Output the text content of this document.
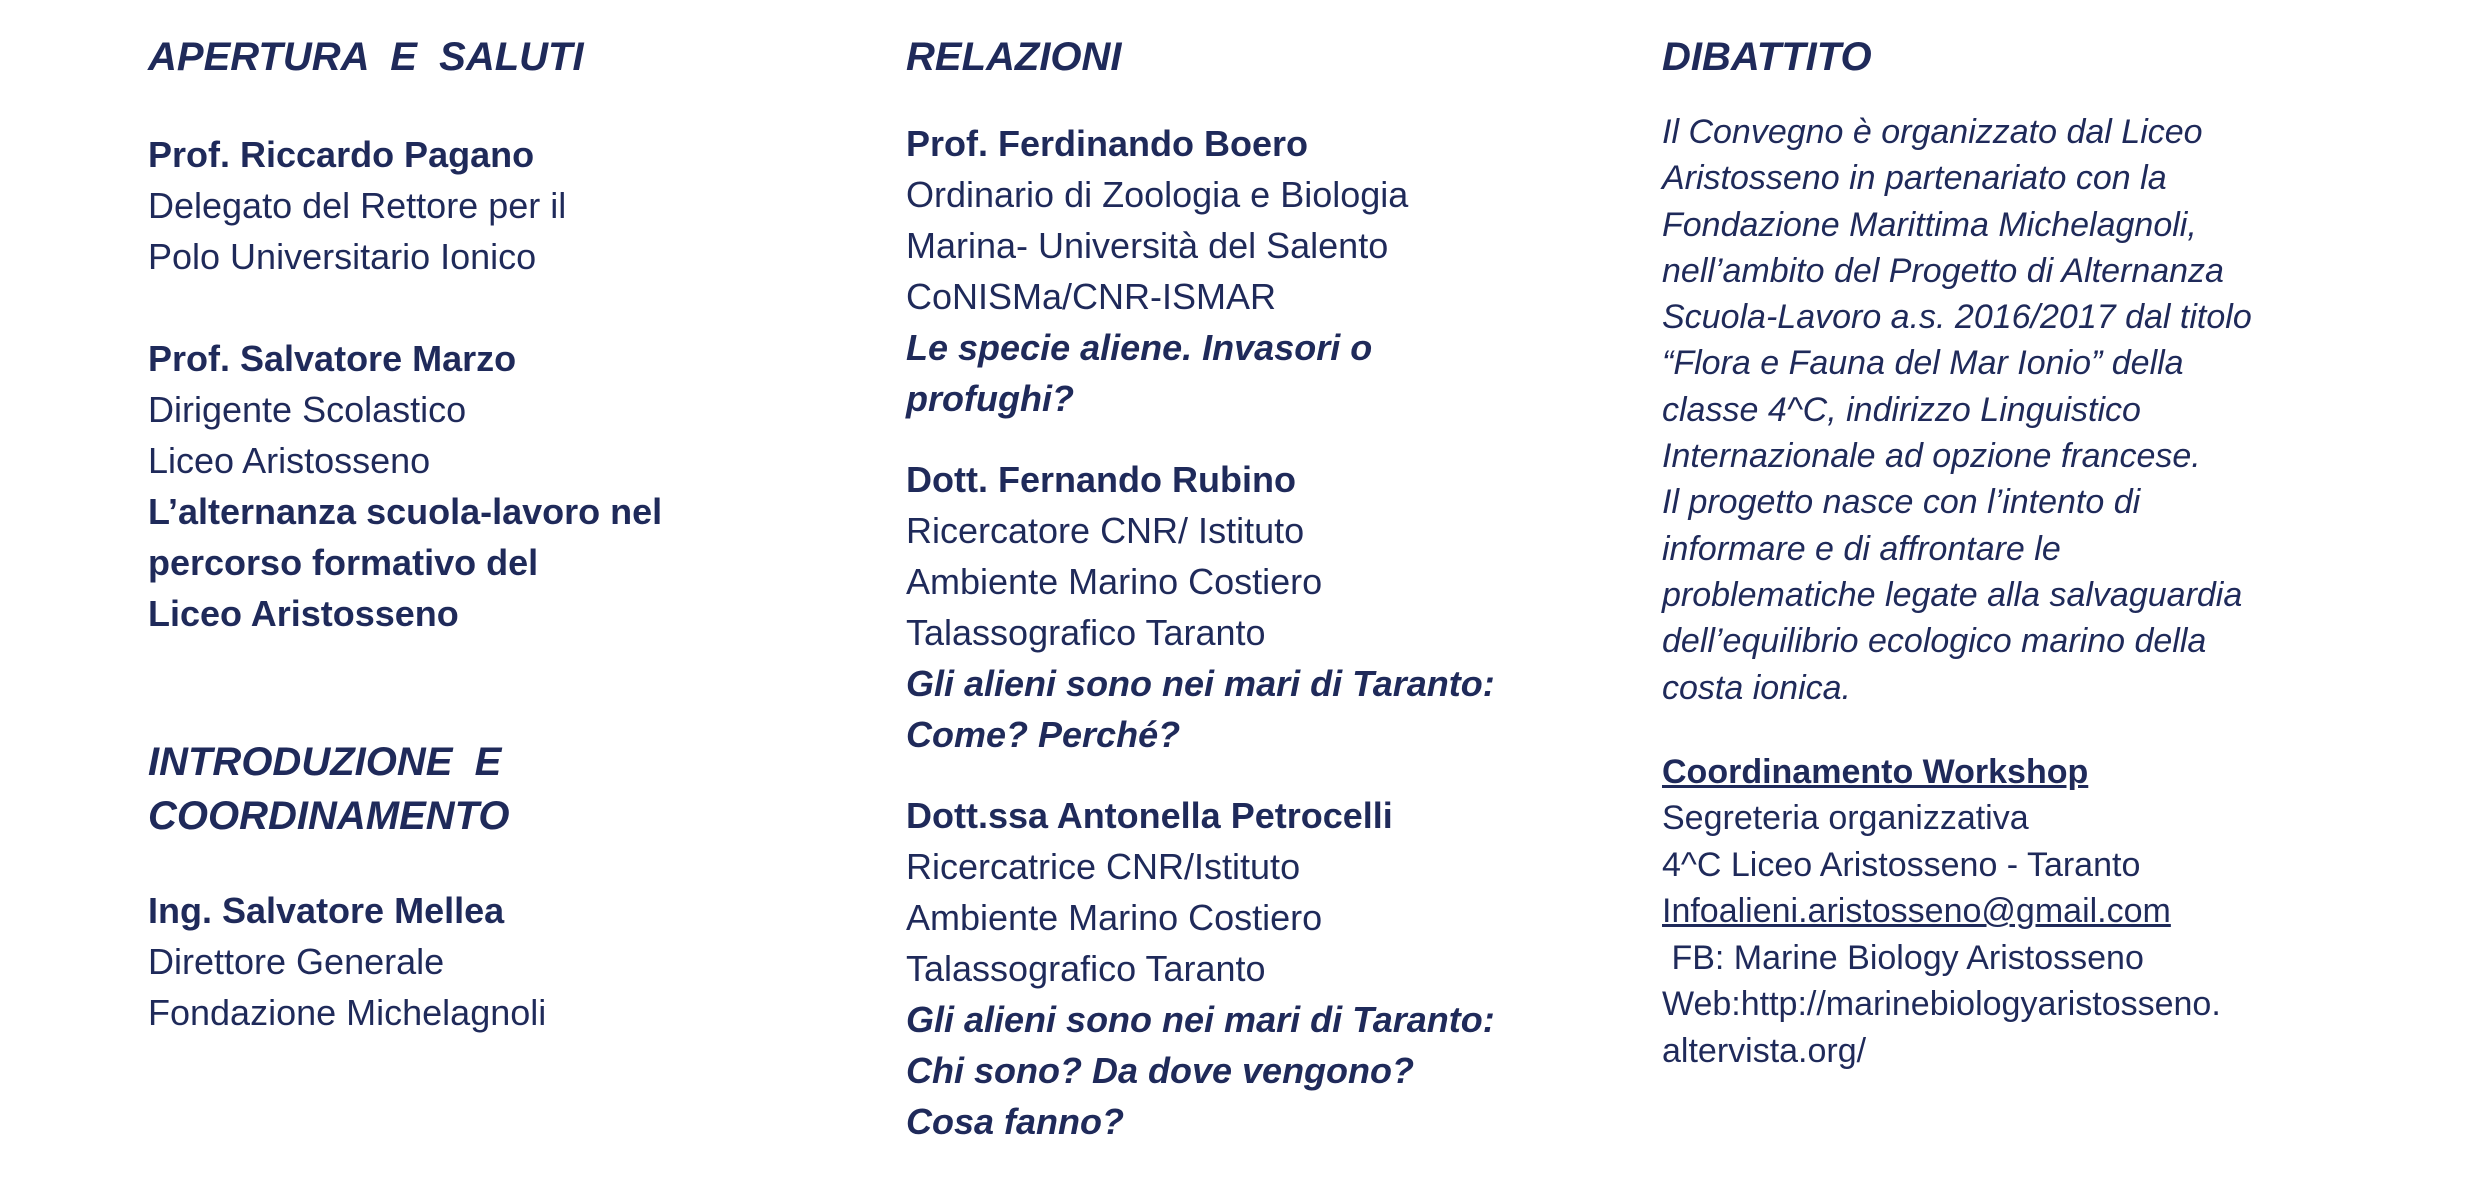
APERTURA  E  SALUTI

Prof. Riccardo Pagano

Delegato del Rettore per il

Polo Universitario Ionico

Prof. Salvatore Marzo

Dirigente Scolastico

Liceo Aristosseno

L’alternanza scuola-lavoro nel

percorso formativo del

Liceo Aristosseno

INTRODUZIONE  E

COORDINAMENTO

Ing. Salvatore Mellea

Direttore Generale

Fondazione Michelagnoli

RELAZIONI

Prof. Ferdinando Boero

Ordinario di Zoologia e Biologia

Marina- Università del Salento

CoNISMa/CNR-ISMAR

Le specie aliene. Invasori o

profughi?

Dott. Fernando Rubino

Ricercatore CNR/ Istituto

Ambiente Marino Costiero

Talassografico Taranto

Gli alieni sono nei mari di Taranto:

Come? Perché?

Dott.ssa Antonella Petrocelli

Ricercatrice CNR/Istituto

Ambiente Marino Costiero

Talassografico Taranto

Gli alieni sono nei mari di Taranto:

Chi sono? Da dove vengono?

Cosa fanno?

DIBATTITO

Il Convegno è organizzato dal Liceo

Aristosseno in partenariato con la

Fondazione Marittima Michelagnoli,

nell’ambito del Progetto di Alternanza

Scuola-Lavoro a.s. 2016/2017 dal titolo

“Flora e Fauna del Mar Ionio” della

classe 4^C, indirizzo Linguistico

Internazionale ad opzione francese.

Il progetto nasce con l’intento di

informare e di affrontare le

problematiche legate alla salvaguardia

dell’equilibrio ecologico marino della

costa ionica.

Coordinamento Workshop

Segreteria organizzativa

4^C Liceo Aristosseno - Taranto

Infoalieni.aristosseno@gmail.com

FB: Marine Biology Aristosseno

Web:http://marinebiologyaristosseno.

altervista.org/
